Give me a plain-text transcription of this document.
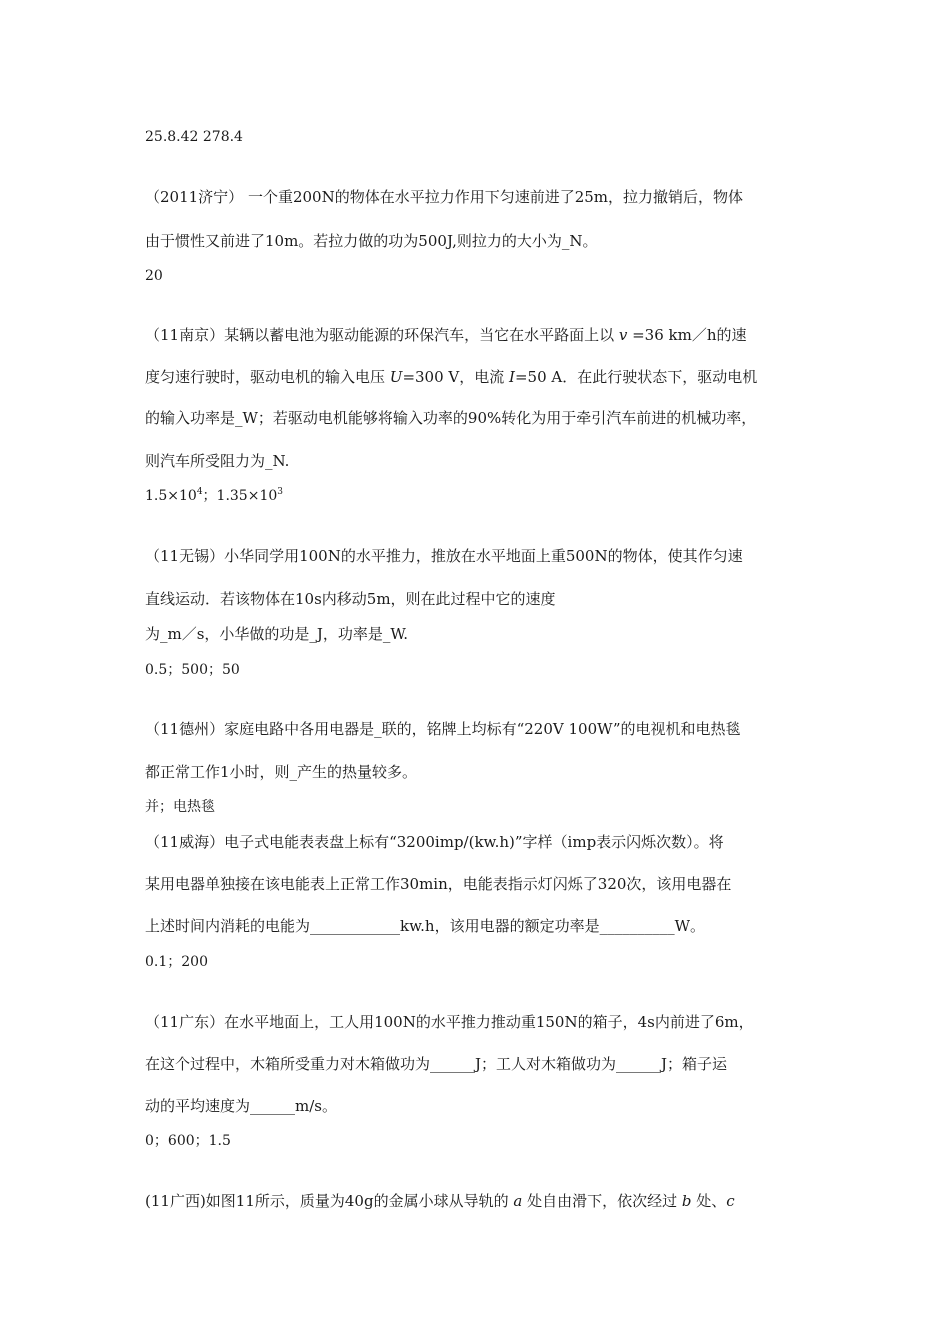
25.8.42 278.4
（2011济宁） 一个重200N的物体在水平拉力作用下匀速前进了25m，拉力撤销后，物体
由于惯性又前进了10m。若拉力做的功为500J,则拉力的大小为_N。
20
（11南京）某辆以蓄电池为驱动能源的环保汽车，当它在水平路面上以 v =36 km／h的速
度匀速行驶时，驱动电机的输入电压 U=300 V，电流 I=50 A．在此行驶状态下，驱动电机
的输入功率是_W；若驱动电机能够将输入功率的90%转化为用于牵引汽车前进的机械功率，
则汽车所受阻力为_N.
$1.5\times 10^4$；$1.35\times 10^3$
（11无锡）小华同学用100N的水平推力，推放在水平地面上重500N的物体，使其作匀速
直线运动．若该物体在10s内移动5m，则在此过程中它的速度
为_m／s，小华做的功是_J，功率是_W.
0.5；500；50
（11德州）家庭电路中各用电器是_联的，铭牌上均标有“220V 100W”的电视机和电热毯
都正常工作1小时，则_产生的热量较多。
并；电热毯
（11威海）电子式电能表表盘上标有“3200imp/(kw.h)”字样（imp表示闪烁次数）。将
某用电器单独接在该电能表上正常工作30min，电能表指示灯闪烁了320次，该用电器在
上述时间内消耗的电能为____________kw.h，该用电器的额定功率是__________W。
0.1；200
（11广东）在水平地面上，工人用100N的水平推力推动重150N的箱子，4s内前进了6m，
在这个过程中，木箱所受重力对木箱做功为______J；工人对木箱做功为______J；箱子运
动的平均速度为______m/s。
0；600；1.5
(11广西)如图11所示，质量为40g的金属小球从导轨的 a 处自由滑下，依次经过 b 处、c
